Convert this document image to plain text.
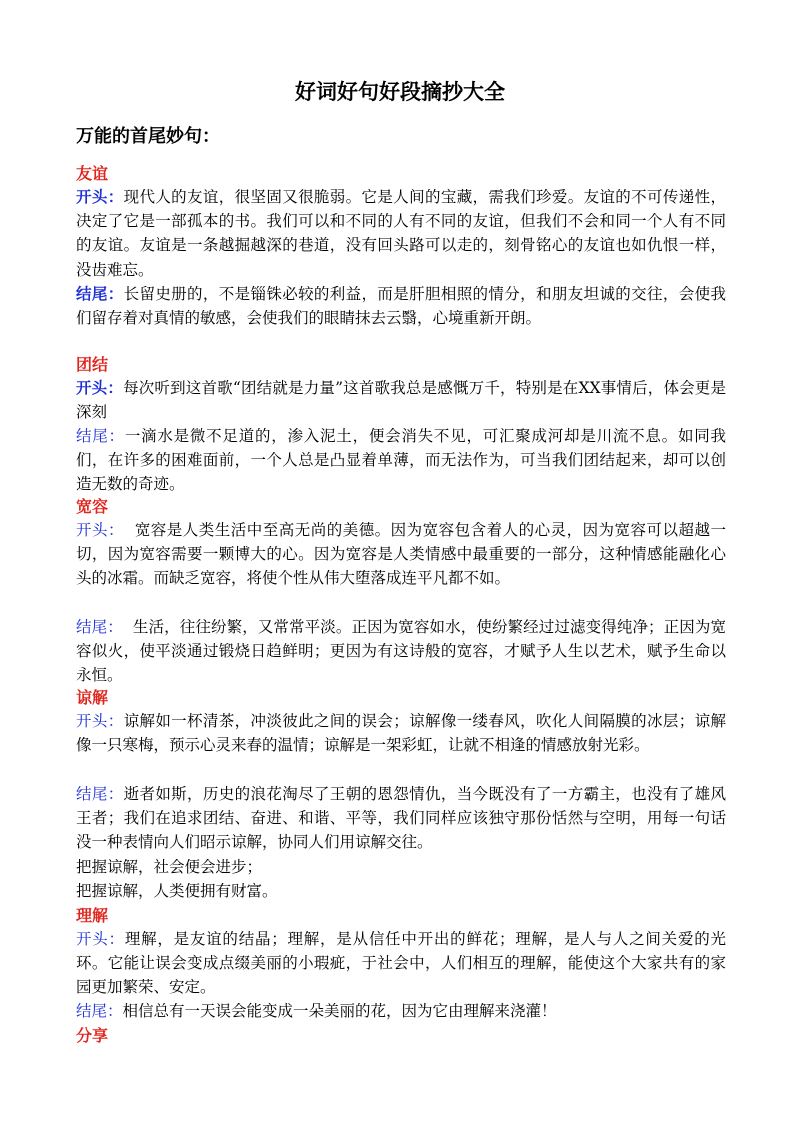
好词好句好段摘抄大全
万能的首尾妙句：
友谊

开头：现代人的友谊，很坚固又很脆弱。它是人间的宝藏，需我们珍爱。友谊的不可传递性，决定了它是一部孤本的书。我们可以和不同的人有不同的友谊，但我们不会和同一个人有不同的友谊。友谊是一条越掘越深的巷道，没有回头路可以走的，刻骨铭心的友谊也如仇恨一样，没齿难忘。

结尾：长留史册的，不是锱铢必较的利益，而是肝胆相照的情分，和朋友坦诚的交往，会使我们留存着对真情的敏感，会使我们的眼睛抹去云翳，心境重新开朗。

团结

开头：每次听到这首歌“团结就是力量”这首歌我总是感慨万千，特别是在XX事情后，体会更是深刻

结尾：一滴水是微不足道的，渗入泥土，便会消失不见，可汇聚成河却是川流不息。如同我们，在许多的困难面前，一个人总是凸显着单薄，而无法作为，可当我们团结起来，却可以创造无数的奇迹。

宽容

开头：  宽容是人类生活中至高无尚的美德。因为宽容包含着人的心灵，因为宽容可以超越一切，因为宽容需要一颗博大的心。因为宽容是人类情感中最重要的一部分，这种情感能融化心头的冰霜。而缺乏宽容，将使个性从伟大堕落成连平凡都不如。

结尾：  生活，往往纷繁，又常常平淡。正因为宽容如水，使纷繁经过过滤变得纯净；正因为宽容似火，使平淡通过锻烧日趋鲜明；更因为有这诗般的宽容，才赋予人生以艺术，赋予生命以永恒。

谅解

开头：谅解如一杯清茶，冲淡彼此之间的误会；谅解像一缕春风，吹化人间隔膜的冰层；谅解像一只寒梅，预示心灵来春的温情；谅解是一架彩虹，让就不相逢的情感放射光彩。

结尾：逝者如斯，历史的浪花淘尽了王朝的恩怨情仇，当今既没有了一方霸主，也没有了雄风王者；我们在追求团结、奋进、和谐、平等，我们同样应该独守那份恬然与空明，用每一句话没一种表情向人们昭示谅解，协同人们用谅解交往。

把握谅解，社会便会进步；

把握谅解，人类便拥有财富。

理解

开头：理解，是友谊的结晶；理解，是从信任中开出的鲜花；理解，是人与人之间关爱的光环。它能让误会变成点缀美丽的小瑕疵，于社会中，人们相互的理解，能使这个大家共有的家园更加繁荣、安定。

结尾：相信总有一天误会能变成一朵美丽的花，因为它由理解来浇灌！

分享
